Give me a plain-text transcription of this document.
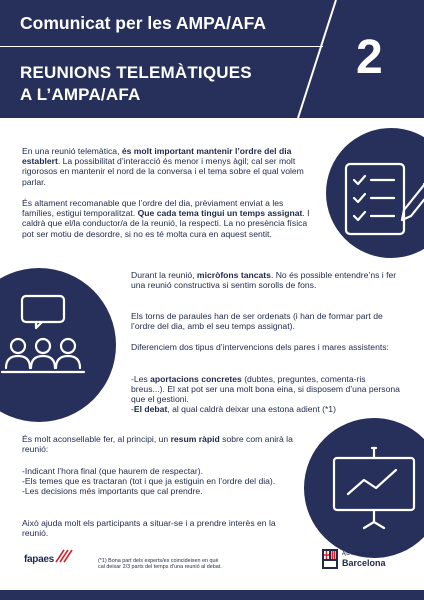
Comunicat per les AMPA/AFA
REUNIONS TELEMÀTIQUES
A L’AMPA/AFA
2
En una reunió telemàtica, és molt important mantenir l’ordre del dia establert. La possibilitat d’interacció és menor i menys àgil; cal ser molt rigorosos en mantenir el nord de la conversa i el tema sobre el qual volem parlar.
És altament recomanable que l’ordre del dia, prèviament enviat a les famílies, estigui temporalitzat. Que cada tema tingui un temps assignat. I caldrà que el/la conductor/a de la reunió, la respecti. La no presència física pot ser motiu de desordre, si no es té molta cura en aquest sentit.
Durant la reunió, micròfons tancats. No és possible entendre’ns i fer una reunió constructiva si sentim sorolls de fons.
Els torns de paraules han de ser ordenats (i han de formar part de l’ordre del dia, amb el seu temps assignat).
Diferenciem dos tipus d’intervencions dels pares i mares assistents:
-Les aportacions concretes (dubtes, preguntes, comenta-ris breus...). El xat pot ser una molt bona eina, si disposem d’una persona que el gestioni.
-El debat, al qual caldrà deixar una estona adient (*1)
És molt aconsellable fer, al principi, un resum ràpid sobre com anirà la reunió:
-Indicant l’hora final (que haurem de respectar).
-Els temes que es tractaran (tot i que ja estiguin en l’ordre del dia).
-Les decisions més importants que cal prendre.
Això ajuda molt els participants a situar-se i a prendre interès en la reunió.
fapaes	(*1) Bona part dels experts/es coincideixen en què
cal deixar 2/3 parts del temps d’una reunió al debat.
Ajuntament de
Barcelona
